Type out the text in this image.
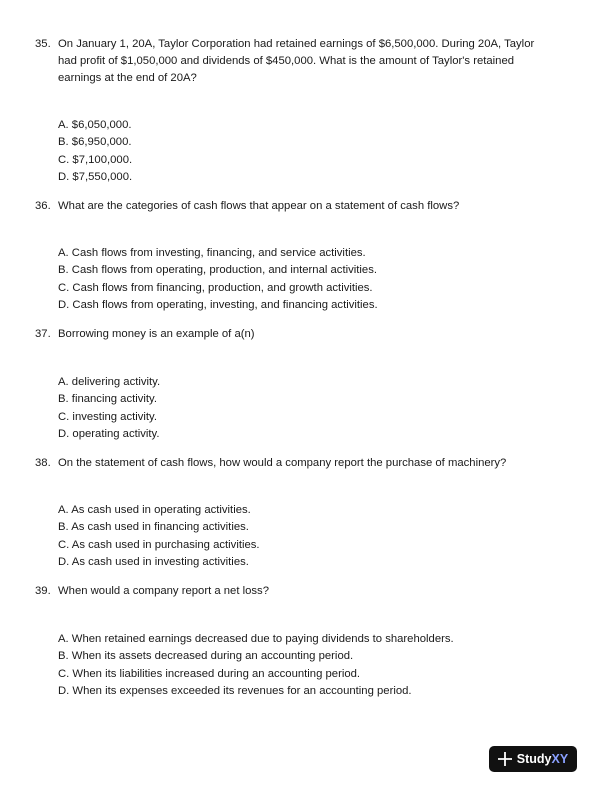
35. On January 1, 20A, Taylor Corporation had retained earnings of $6,500,000. During 20A, Taylor
had profit of $1,050,000 and dividends of $450,000. What is the amount of Taylor's retained
earnings at the end of 20A?
A. $6,050,000.
B. $6,950,000.
C. $7,100,000.
D. $7,550,000.
36. What are the categories of cash flows that appear on a statement of cash flows?
A. Cash flows from investing, financing, and service activities.
B. Cash flows from operating, production, and internal activities.
C. Cash flows from financing, production, and growth activities.
D. Cash flows from operating, investing, and financing activities.
37. Borrowing money is an example of a(n)
A. delivering activity.
B. financing activity.
C. investing activity.
D. operating activity.
38. On the statement of cash flows, how would a company report the purchase of machinery?
A. As cash used in operating activities.
B. As cash used in financing activities.
C. As cash used in purchasing activities.
D. As cash used in investing activities.
39. When would a company report a net loss?
A. When retained earnings decreased due to paying dividends to shareholders.
B. When its assets decreased during an accounting period.
C. When its liabilities increased during an accounting period.
D. When its expenses exceeded its revenues for an accounting period.
StudyXY
